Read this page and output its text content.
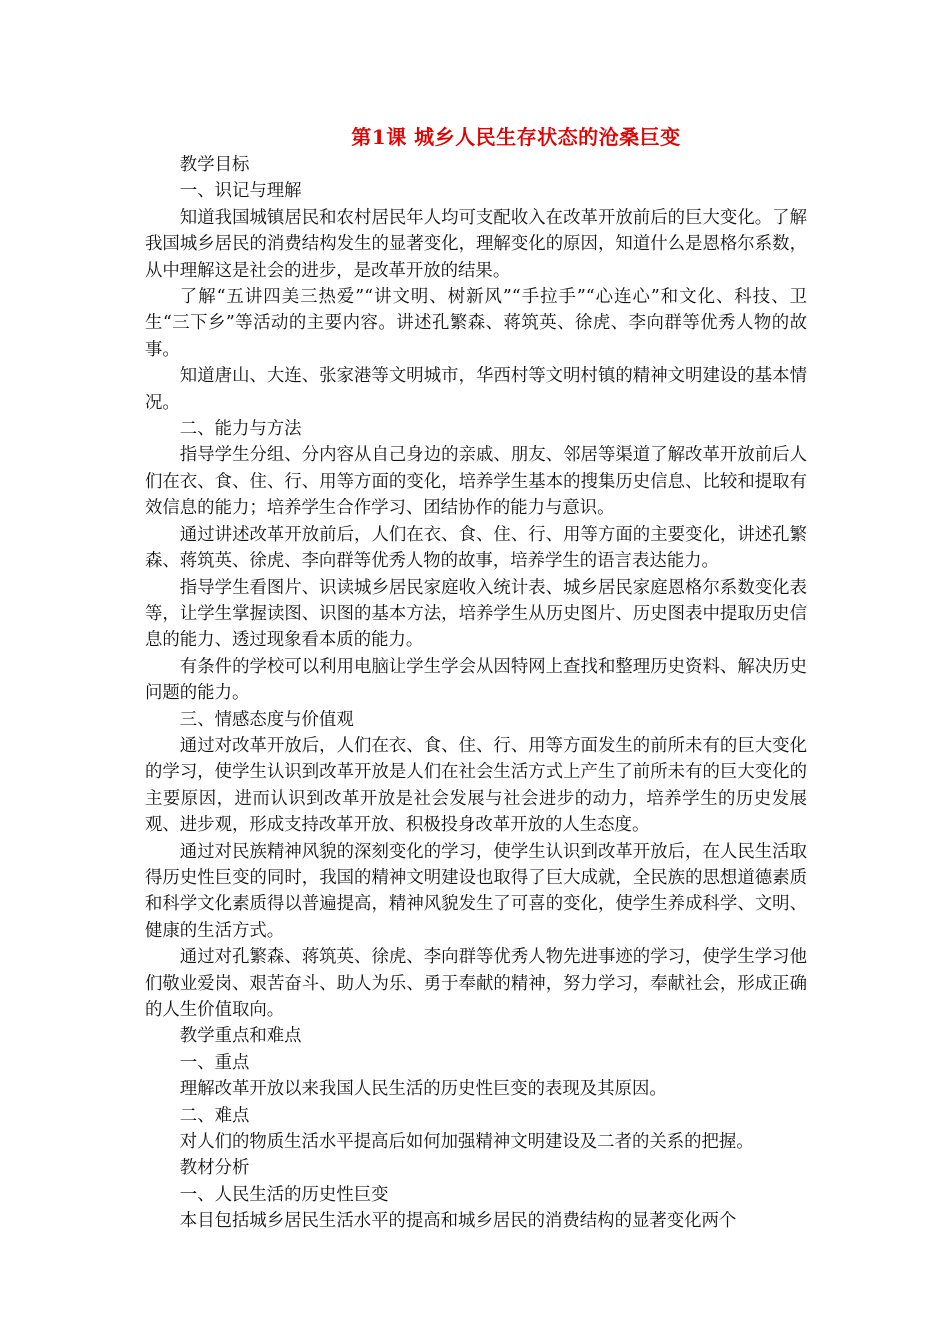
第1课 城乡人民生存状态的沧桑巨变

教学目标

一、识记与理解

知道我国城镇居民和农村居民年人均可支配收入在改革开放前后的巨大变化。了解我国城乡居民的消费结构发生的显著变化，理解变化的原因，知道什么是恩格尔系数，从中理解这是社会的进步，是改革开放的结果。

了解“五讲四美三热爱”“讲文明、树新风”“手拉手”“心连心”和文化、科技、卫生“三下乡”等活动的主要内容。讲述孔繁森、蒋筑英、徐虎、李向群等优秀人物的故事。

知道唐山、大连、张家港等文明城市，华西村等文明村镇的精神文明建设的基本情况。

二、能力与方法

指导学生分组、分内容从自己身边的亲戚、朋友、邻居等渠道了解改革开放前后人们在衣、食、住、行、用等方面的变化，培养学生基本的搜集历史信息、比较和提取有效信息的能力；培养学生合作学习、团结协作的能力与意识。

通过讲述改革开放前后，人们在衣、食、住、行、用等方面的主要变化，讲述孔繁森、蒋筑英、徐虎、李向群等优秀人物的故事，培养学生的语言表达能力。

指导学生看图片、识读城乡居民家庭收入统计表、城乡居民家庭恩格尔系数变化表等，让学生掌握读图、识图的基本方法，培养学生从历史图片、历史图表中提取历史信息的能力、透过现象看本质的能力。

有条件的学校可以利用电脑让学生学会从因特网上查找和整理历史资料、解决历史问题的能力。

三、情感态度与价值观

通过对改革开放后，人们在衣、食、住、行、用等方面发生的前所未有的巨大变化的学习，使学生认识到改革开放是人们在社会生活方式上产生了前所未有的巨大变化的主要原因，进而认识到改革开放是社会发展与社会进步的动力，培养学生的历史发展观、进步观，形成支持改革开放、积极投身改革开放的人生态度。

通过对民族精神风貌的深刻变化的学习，使学生认识到改革开放后，在人民生活取得历史性巨变的同时，我国的精神文明建设也取得了巨大成就，全民族的思想道德素质和科学文化素质得以普遍提高，精神风貌发生了可喜的变化，使学生养成科学、文明、健康的生活方式。

通过对孔繁森、蒋筑英、徐虎、李向群等优秀人物先进事迹的学习，使学生学习他们敬业爱岗、艰苦奋斗、助人为乐、勇于奉献的精神，努力学习，奉献社会，形成正确的人生价值取向。

教学重点和难点

一、重点

理解改革开放以来我国人民生活的历史性巨变的表现及其原因。

二、难点

对人们的物质生活水平提高后如何加强精神文明建设及二者的关系的把握。

教材分析

一、人民生活的历史性巨变

本目包括城乡居民生活水平的提高和城乡居民的消费结构的显著变化两个
